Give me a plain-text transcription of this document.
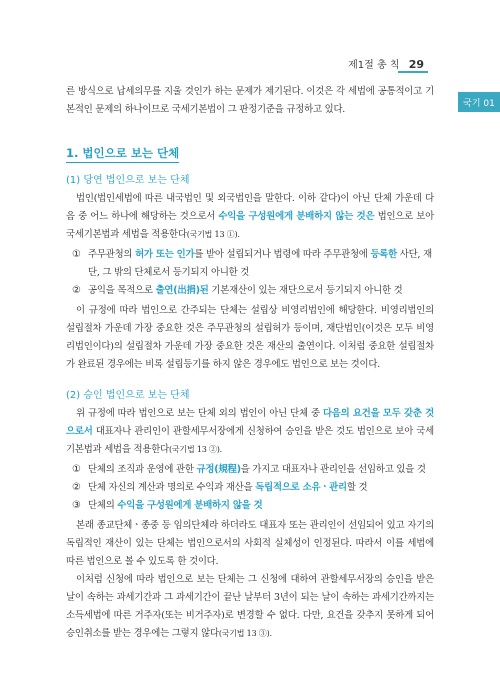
제1절 총 칙 29
국기 01

른 방식으로 납세의무를 지울 것인가 하는 문제가 제기된다. 이것은 각 세법에 공통적이고 기본적인 문제의 하나이므로 국세기본법이 그 판정기준을 규정하고 있다.

1. 법인으로 보는 단체
(1) 당연 법인으로 보는 단체

법인(법인세법에 따른 내국법인 및 외국법인을 말한다. 이하 같다)이 아닌 단체 가운데 다음 중 어느 하나에 해당하는 것으로서 수익을 구성원에게 분배하지 않는 것은 법인으로 보아 국세기본법과 세법을 적용한다(국기법 13 ①).

① 주무관청의 허가 또는 인가를 받아 설립되거나 법령에 따라 주무관청에 등록한 사단, 재단, 그 밖의 단체로서 등기되지 아니한 것
② 공익을 목적으로 출연(出捐)된 기본재산이 있는 재단으로서 등기되지 아니한 것

이 규정에 따라 법인으로 간주되는 단체는 설립상 비영리법인에 해당한다. 비영리법인의 설립절차 가운데 가장 중요한 것은 주무관청의 설립허가 등이며, 재단법인(이것은 모두 비영리법인이다)의 설립절차 가운데 가장 중요한 것은 재산의 출연이다. 이처럼 중요한 설립절차가 완료된 경우에는 비록 설립등기를 하지 않은 경우에도 법인으로 보는 것이다.

(2) 승인 법인으로 보는 단체

위 규정에 따라 법인으로 보는 단체 외의 법인이 아닌 단체 중 다음의 요건을 모두 갖춘 것으로서 대표자나 관리인이 관할세무서장에게 신청하여 승인을 받은 것도 법인으로 보아 국세기본법과 세법을 적용한다(국기법 13 ②).

① 단체의 조직과 운영에 관한 규정(規程)을 가지고 대표자나 관리인을 선임하고 있을 것
② 단체 자신의 계산과 명의로 수익과 재산을 독립적으로 소유ㆍ관리할 것
③ 단체의 수익을 구성원에게 분배하지 않을 것

본래 종교단체ㆍ종중 등 임의단체라 하더라도 대표자 또는 관리인이 선임되어 있고 자기의 독립적인 재산이 있는 단체는 법인으로서의 사회적 실체성이 인정된다. 따라서 이를 세법에 따른 법인으로 볼 수 있도록 한 것이다.

이처럼 신청에 따라 법인으로 보는 단체는 그 신청에 대하여 관할세무서장의 승인을 받은 날이 속하는 과세기간과 그 과세기간이 끝난 날부터 3년이 되는 날이 속하는 과세기간까지는 소득세법에 따른 거주자(또는 비거주자)로 변경할 수 없다. 다만, 요건을 갖추지 못하게 되어 승인취소를 받는 경우에는 그렇지 않다(국기법 13 ③).
